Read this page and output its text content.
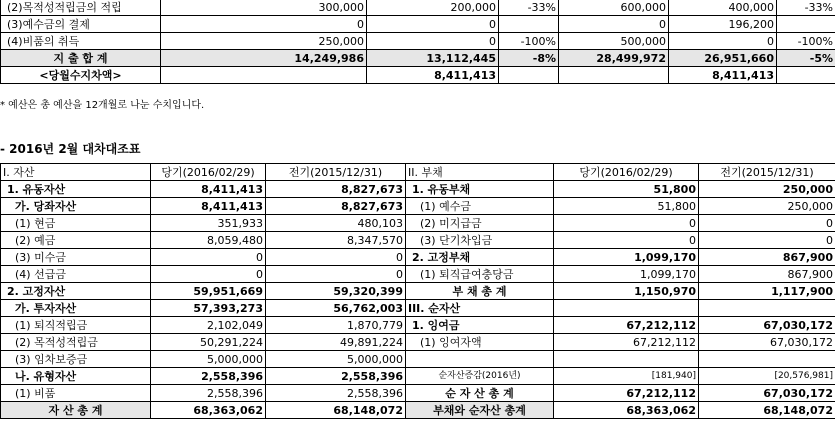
(2)목적성적립금의 적립	300,000	200,000	-33%	600,000	400,000	-33%
(3)예수금의 결제	0	0		0	196,200	
(4)비품의 취득	250,000	0	-100%	500,000	0	-100%
지 출 합 계	14,249,986	13,112,445	-8%	28,499,972	26,951,660	-5%
<당월수지차액>		8,411,413			8,411,413	
* 예산은 총 예산을 12개월로 나눈 수치입니다.
- 2016년 2월 대차대조표
I. 자산	당기(2016/02/29)	전기(2015/12/31)	II. 부채	당기(2016/02/29)	전기(2015/12/31)
1. 유동자산	8,411,413	8,827,673	1. 유동부채	51,800	250,000
가. 당좌자산	8,411,413	8,827,673	(1) 예수금	51,800	250,000
(1) 현금	351,933	480,103	(2) 미지급금	0	0
(2) 예금	8,059,480	8,347,570	(3) 단기차입금	0	0
(3) 미수금	0	0	2. 고정부채	1,099,170	867,900
(4) 선급금	0	0	(1) 퇴직급여충당금	1,099,170	867,900
2. 고정자산	59,951,669	59,320,399	부 채 총 계	1,150,970	1,117,900
가. 투자자산	57,393,273	56,762,003	III. 순자산		
(1) 퇴직적립금	2,102,049	1,870,779	1. 잉여금	67,212,112	67,030,172
(2) 목적성적립금	50,291,224	49,891,224	(1) 잉여자액	67,212,112	67,030,172
(3) 임차보증금	5,000,000	5,000,000			
나. 유형자산	2,558,396	2,558,396	순자산증감(2016년)	[181,940]	[20,576,981]
(1) 비품	2,558,396	2,558,396	순 자 산 총 계	67,212,112	67,030,172
자 산 총 계	68,363,062	68,148,072	부채와 순자산 총계	68,363,062	68,148,072
